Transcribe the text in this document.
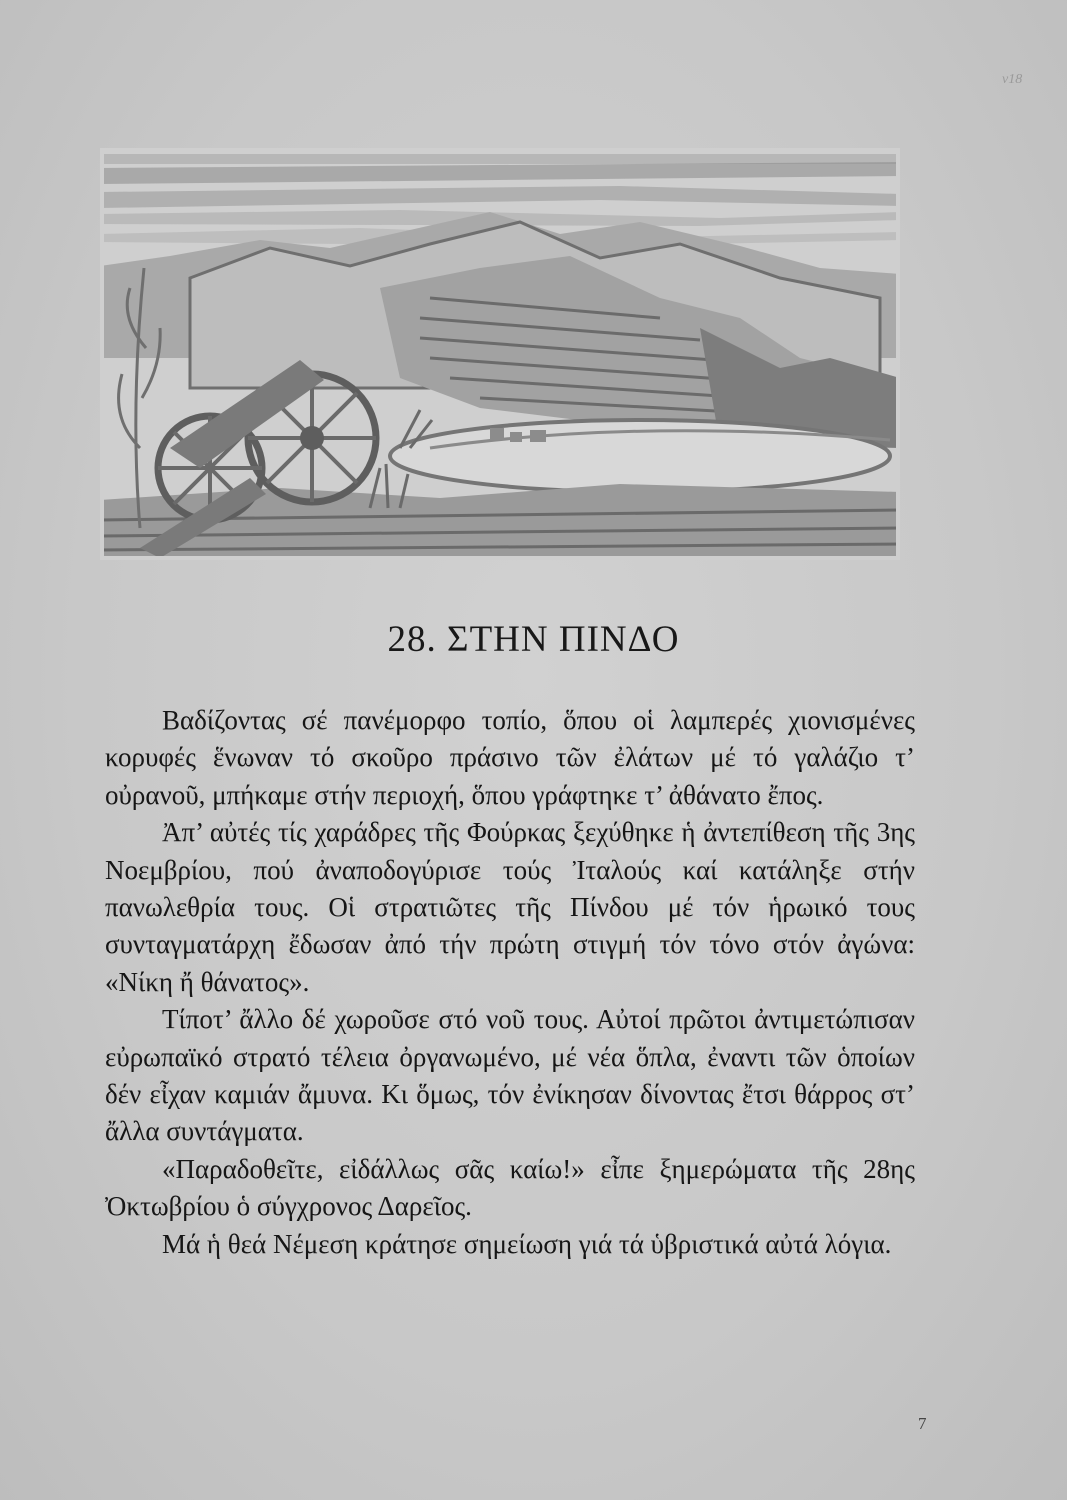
ν18
28. ΣΤΗΝ ΠΙΝΔΟ

Βαδίζοντας σέ πανέμορφο τοπίο, ὅπου οἱ λαμπερές χιονισμένες κορυφές ἕνωναν τό σκοῦρο πράσινο τῶν ἐλάτων μέ τό γαλάζιο τ’ οὐρανοῦ, μπήκαμε στήν περιοχή, ὅπου γράφτηκε τ’ ἀθάνατο ἔπος.

Ἀπ’ αὐτές τίς χαράδρες τῆς Φούρκας ξεχύθηκε ἡ ἀντεπίθεση τῆς 3ης Νοεμβρίου, πού ἀναποδογύρισε τούς Ἰταλούς καί κατάληξε στήν πανωλεθρία τους. Οἱ στρατιῶτες τῆς Πίνδου μέ τόν ἡρωικό τους συνταγματάρχη ἔδωσαν ἀπό τήν πρώτη στιγμή τόν τόνο στόν ἀγώνα: «Νίκη ἤ θάνατος».

Τίποτ’ ἄλλο δέ χωροῦσε στό νοῦ τους. Αὐτοί πρῶτοι ἀντιμετώπισαν εὐρωπαϊκό στρατό τέλεια ὀργανωμένο, μέ νέα ὅπλα, ἐναντι τῶν ὁποίων δέν εἶχαν καμιάν ἄμυνα. Κι ὅμως, τόν ἐνίκησαν δίνοντας ἔτσι θάρρος στ’ ἄλλα συντάγματα.

«Παραδοθεῖτε, εἰδάλλως σᾶς καίω!» εἶπε ξημερώματα τῆς 28ης Ὀκτωβρίου ὁ σύγχρονος Δαρεῖος.

Μά ἡ θεά Νέμεση κράτησε σημείωση γιά τά ὑβριστικά αὐτά λόγια.

7
